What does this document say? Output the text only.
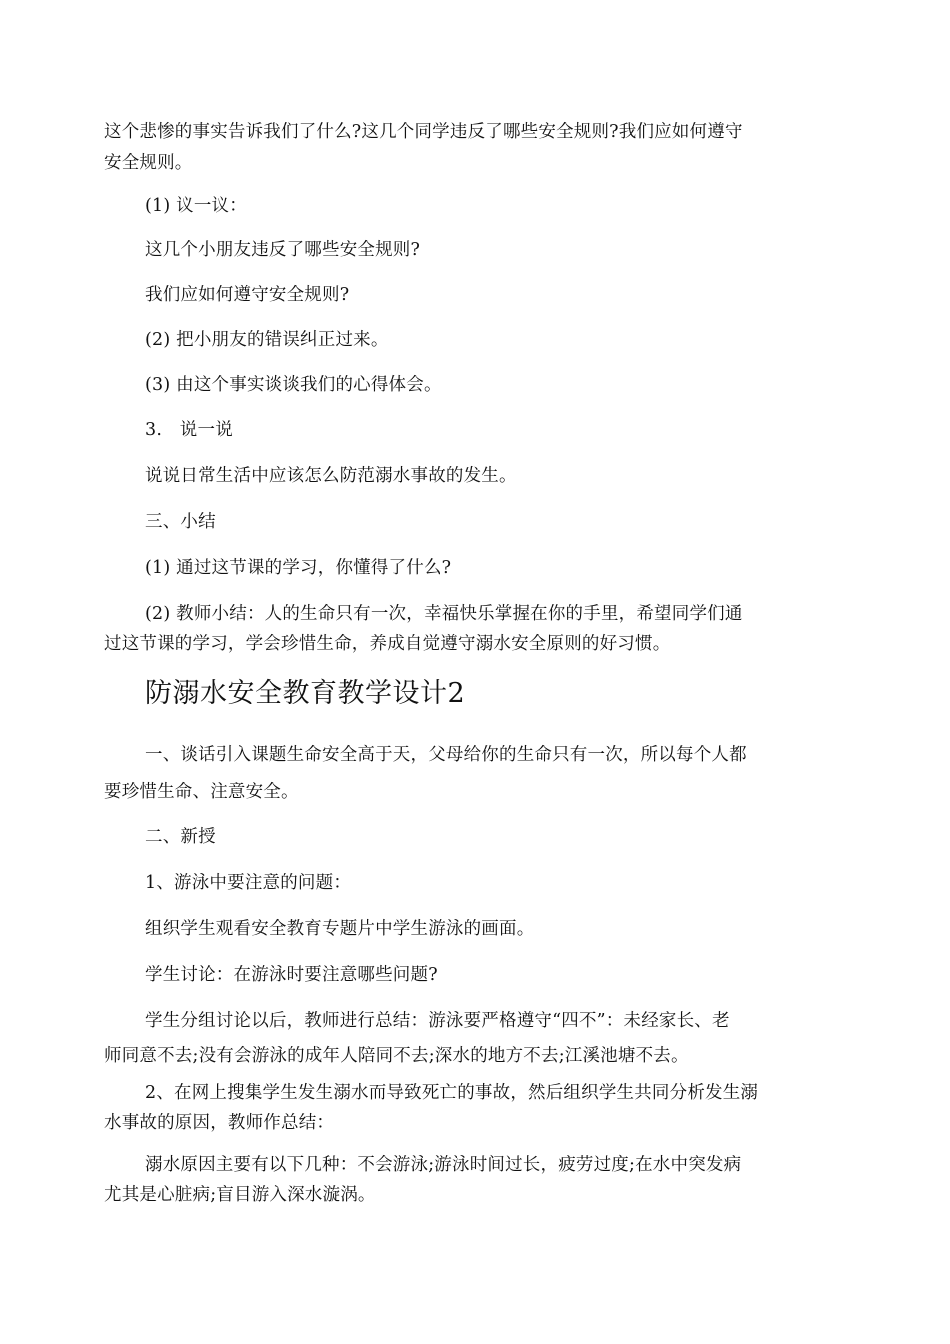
这个悲惨的事实告诉我们了什么?这几个同学违反了哪些安全规则?我们应如何遵守
安全规则。
(1) 议一议：
这几个小朋友违反了哪些安全规则?
我们应如何遵守安全规则?
(2) 把小朋友的错误纠正过来。
(3) 由这个事实谈谈我们的心得体会。
3.　说一说
说说日常生活中应该怎么防范溺水事故的发生。
三、小结
(1) 通过这节课的学习，你懂得了什么?
(2) 教师小结：人的生命只有一次，幸福快乐掌握在你的手里，希望同学们通
过这节课的学习，学会珍惜生命，养成自觉遵守溺水安全原则的好习惯。
防溺水安全教育教学设计2
一、谈话引入课题生命安全高于天，父母给你的生命只有一次，所以每个人都
要珍惜生命、注意安全。
二、新授
1、游泳中要注意的问题：
组织学生观看安全教育专题片中学生游泳的画面。
学生讨论：在游泳时要注意哪些问题?
学生分组讨论以后，教师进行总结：游泳要严格遵守“四不”：未经家长、老
师同意不去;没有会游泳的成年人陪同不去;深水的地方不去;江溪池塘不去。
2、在网上搜集学生发生溺水而导致死亡的事故，然后组织学生共同分析发生溺
水事故的原因，教师作总结：
溺水原因主要有以下几种：不会游泳;游泳时间过长，疲劳过度;在水中突发病
尤其是心脏病;盲目游入深水漩涡。
